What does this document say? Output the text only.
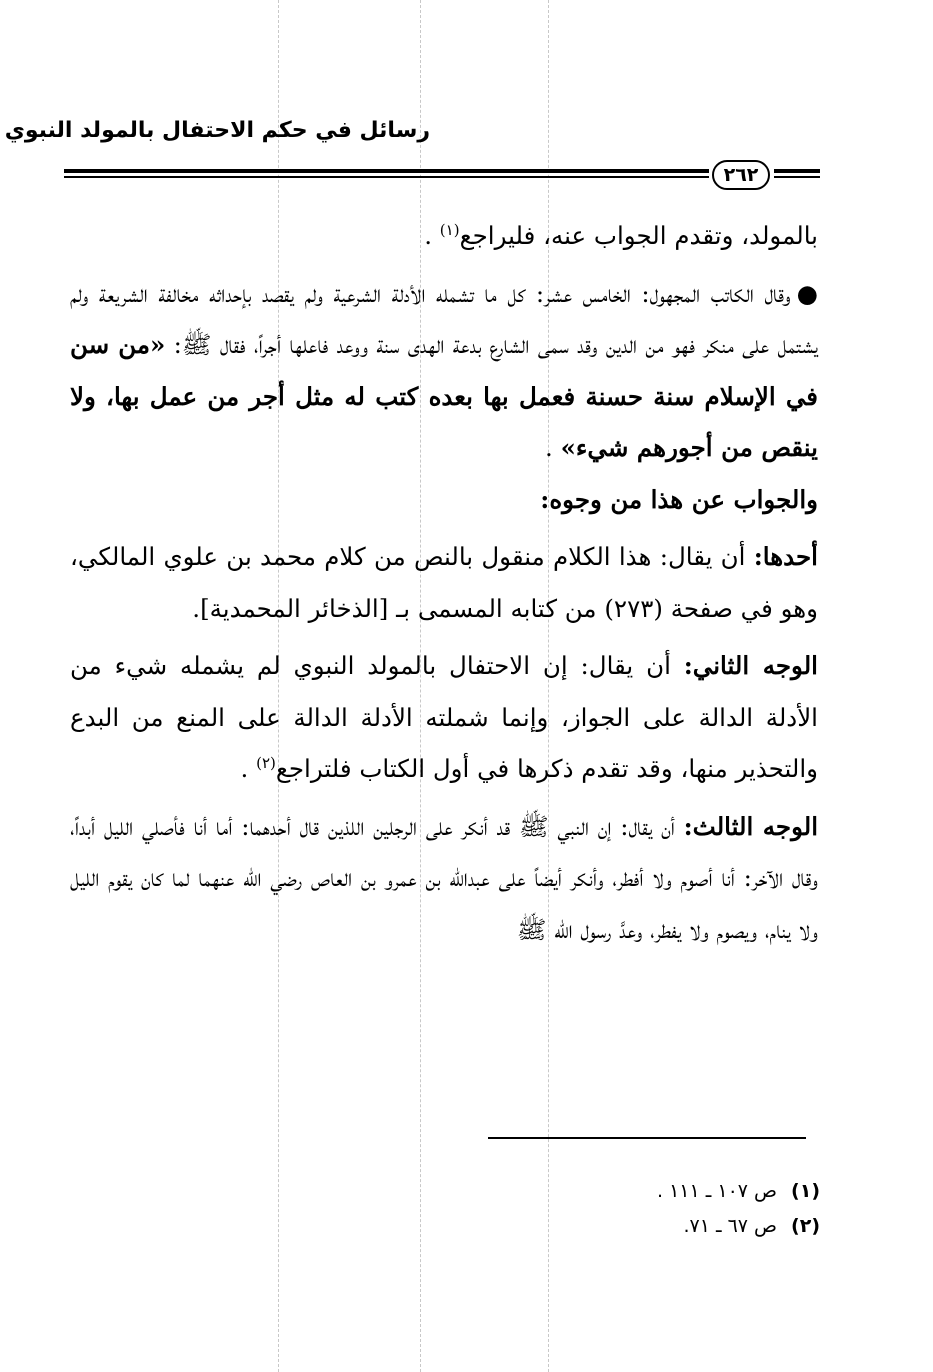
رسائل في حكم الاحتفال بالمولد النبوي
٢٦٢

بالمولد، وتقدم الجواب عنه، فليراجع$^{(١)}$ .

●وقال الكاتب المجهول: الخامس عشر: كل ما تشمله الأدلة الشرعية ولم يقصد بإحداثه مخالفة الشريعة ولم يشتمل على منكر فهو من الدين وقد سمى الشارع بدعة الهدى سنة ووعد فاعلها أجراً، فقال ﷺ: «من سن في الإسلام سنة حسنة فعمل بها بعده كتب له مثل أجر من عمل بها، ولا ينقص من أجورهم شيء» .

والجواب عن هذا من وجوه:

أحدها: أن يقال: هذا الكلام منقول بالنص من كلام محمد بن علوي المالكي، وهو في صفحة (٢٧٣) من كتابه المسمى بـ [الذخائر المحمدية].

الوجه الثاني: أن يقال: إن الاحتفال بالمولد النبوي لم يشمله شيء من الأدلة الدالة على الجواز، وإنما شملته الأدلة الدالة على المنع من البدع والتحذير منها، وقد تقدم ذكرها في أول الكتاب فلتراجع$^{(٢)}$ .

الوجه الثالث: أن يقال: إن النبي ﷺ قد أنكر على الرجلين اللذين قال أحدهما: أما أنا فأصلي الليل أبداً، وقال الآخر: أنا أصوم ولا أفطر، وأنكر أيضاً على عبدالله بن عمرو بن العاص رضي الله عنهما لما كان يقوم الليل ولا ينام، ويصوم ولا يفطر، وعدَّ رسول الله ﷺ

(١)ص ١٠٧ ـ ١١١ .
(٢)ص ٦٧ ـ ٧١.
